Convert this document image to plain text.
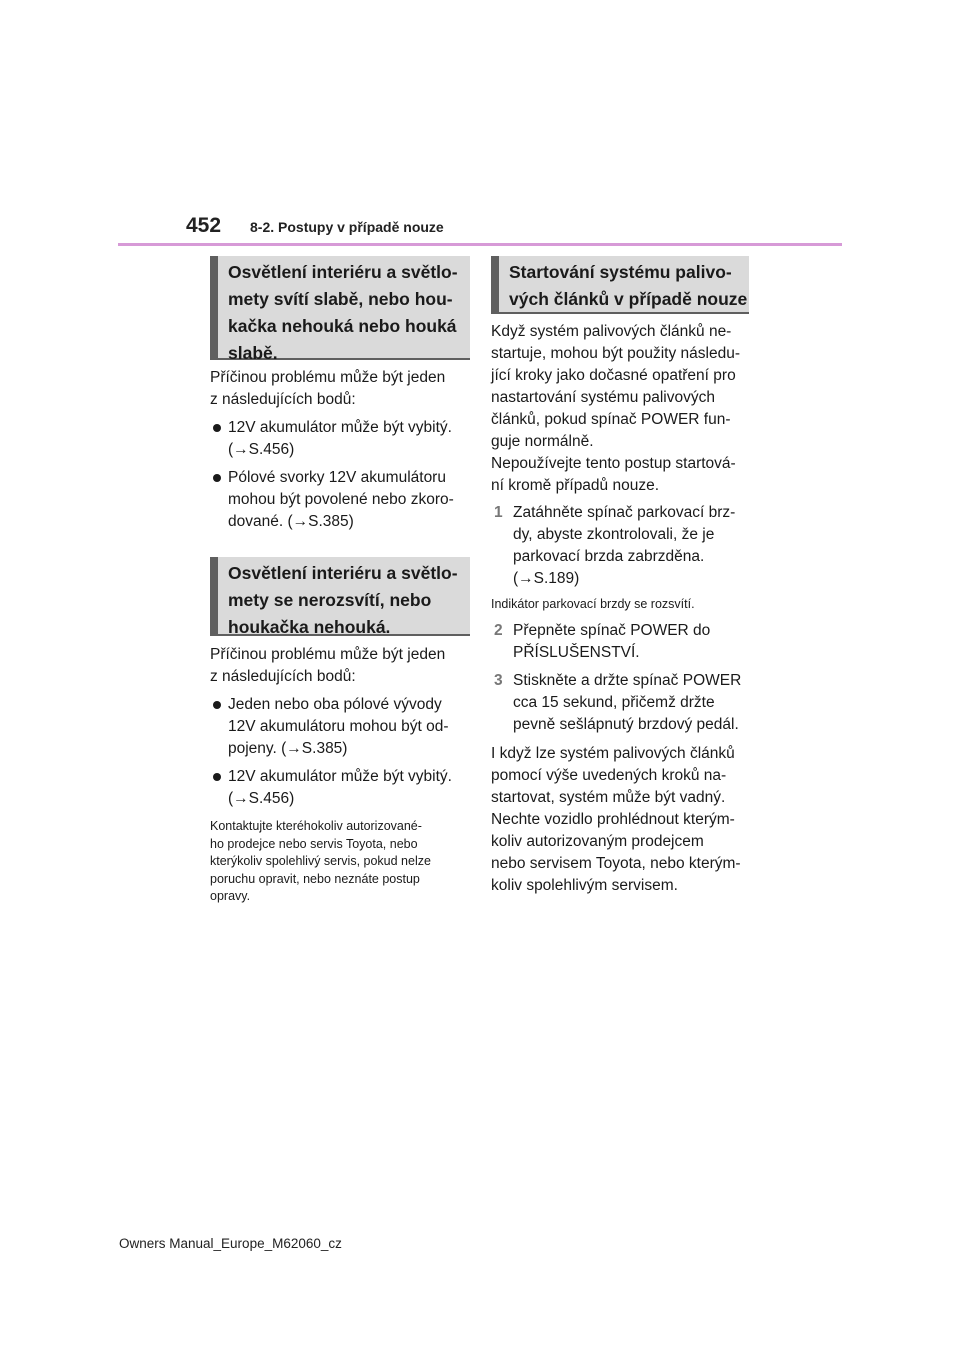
452 8-2. Postupy v případě nouze
Osvětlení interiéru a světlo-
mety svítí slabě, nebo hou-
kačka nehouká nebo houká
slabě.

Příčinou problému může být jeden
z následujících bodů:

12V akumulátor může být vybitý.
(→S.456)
Pólové svorky 12V akumulátoru
mohou být povolené nebo zkoro-
dované. (→S.385)
Osvětlení interiéru a světlo-
mety se nerozsvítí, nebo
houkačka nehouká.

Příčinou problému může být jeden
z následujících bodů:

Jeden nebo oba pólové vývody
12V akumulátoru mohou být od-
pojeny. (→S.385)
12V akumulátor může být vybitý.
(→S.456)

Kontaktujte kteréhokoliv autorizované-
ho prodejce nebo servis Toyota, nebo
kterýkoliv spolehlivý servis, pokud nelze
poruchu opravit, nebo neznáte postup
opravy.

Startování systému palivo-
vých článků v případě nouze

Když systém palivových článků ne-
startuje, mohou být použity následu-
jící kroky jako dočasné opatření pro
nastartování systému palivových
článků, pokud spínač POWER fun-
guje normálně.
Nepoužívejte tento postup startová-
ní kromě případů nouze.

1 Zatáhněte spínač parkovací brz-
dy, abyste zkontrolovali, že je
parkovací brzda zabrzděna.
(→S.189)

Indikátor parkovací brzdy se rozsvítí.

2 Přepněte spínač POWER do
PŘÍSLUŠENSTVÍ.
3 Stiskněte a držte spínač POWER
cca 15 sekund, přičemž držte
pevně sešlápnutý brzdový pedál.

I když lze systém palivových článků
pomocí výše uvedených kroků na-
startovat, systém může být vadný.
Nechte vozidlo prohlédnout kterým-
koliv autorizovaným prodejcem
nebo servisem Toyota, nebo kterým-
koliv spolehlivým servisem.

Owners Manual_Europe_M62060_cz
